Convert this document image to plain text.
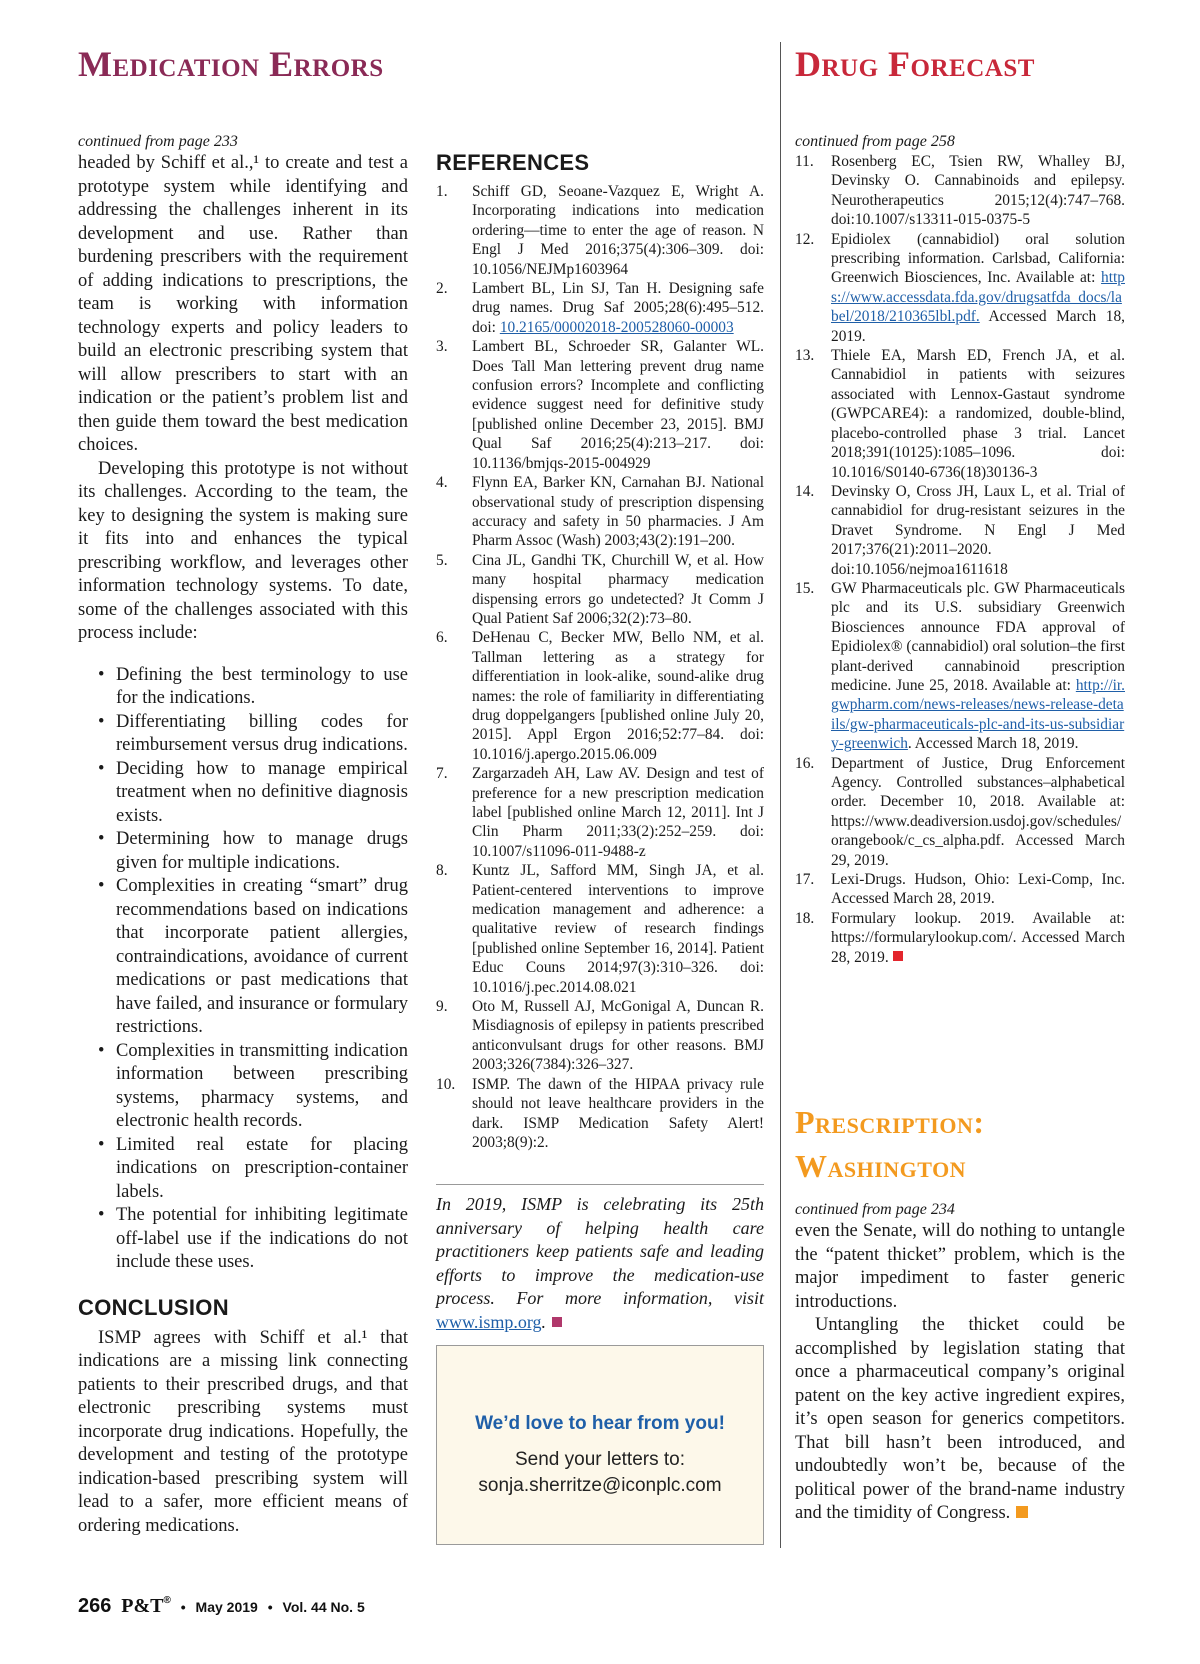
Medication Errors	Drug Forecast
continued from page 233

headed by Schiff et al.,¹ to create and test a prototype system while identifying and addressing the challenges inherent in its development and use. Rather than burdening prescribers with the requirement of adding indications to prescriptions, the team is working with information technology experts and policy leaders to build an electronic prescribing system that will allow prescribers to start with an indication or the patient’s problem list and then guide them toward the best medication choices.

Developing this prototype is not without its challenges. According to the team, the key to designing the system is making sure it fits into and enhances the typical prescribing workflow, and leverages other information technology systems. To date, some of the challenges associated with this process include:

• Defining the best terminology to use for the indications.
• Differentiating billing codes for reimbursement versus drug indications.
• Deciding how to manage empirical treatment when no definitive diagnosis exists.
• Determining how to manage drugs given for multiple indications.
• Complexities in creating “smart” drug recommendations based on indications that incorporate patient allergies, contraindications, avoidance of current medications or past medications that have failed, and insurance or formulary restrictions.
• Complexities in transmitting indication information between prescribing systems, pharmacy systems, and electronic health records.
• Limited real estate for placing indications on prescription-container labels.
• The potential for inhibiting legitimate off-label use if the indications do not include these uses.
CONCLUSION

ISMP agrees with Schiff et al.¹ that indications are a missing link connecting patients to their prescribed drugs, and that electronic prescribing systems must incorporate drug indications. Hopefully, the development and testing of the prototype indication-based prescribing system will lead to a safer, more efficient means of ordering medications.

REFERENCES
1. Schiff GD, Seoane-Vazquez E, Wright A. Incorporating indications into medication ordering—time to enter the age of reason. N Engl J Med 2016;375(4):306–309. doi: 10.1056/NEJMp1603964
2. Lambert BL, Lin SJ, Tan H. Designing safe drug names. Drug Saf 2005;28(6):495–512. doi: 10.2165/00002018-200528060-00003
3. Lambert BL, Schroeder SR, Galanter WL. Does Tall Man lettering prevent drug name confusion errors? Incomplete and conflicting evidence suggest need for definitive study [published online December 23, 2015]. BMJ Qual Saf 2016;25(4):213–217. doi: 10.1136/bmjqs-2015-004929
4. Flynn EA, Barker KN, Carnahan BJ. National observational study of prescription dispensing accuracy and safety in 50 pharmacies. J Am Pharm Assoc (Wash) 2003;43(2):191–200.
5. Cina JL, Gandhi TK, Churchill W, et al. How many hospital pharmacy medication dispensing errors go undetected? Jt Comm J Qual Patient Saf 2006;32(2):73–80.
6. DeHenau C, Becker MW, Bello NM, et al. Tallman lettering as a strategy for differentiation in look-alike, sound-alike drug names: the role of familiarity in differentiating drug doppelgangers [published online July 20, 2015]. Appl Ergon 2016;52:77–84. doi: 10.1016/j.apergo.2015.06.009
7. Zargarzadeh AH, Law AV. Design and test of preference for a new prescription medication label [published online March 12, 2011]. Int J Clin Pharm 2011;33(2):252–259. doi: 10.1007/s11096-011-9488-z
8. Kuntz JL, Safford MM, Singh JA, et al. Patient-centered interventions to improve medication management and adherence: a qualitative review of research findings [published online September 16, 2014]. Patient Educ Couns 2014;97(3):310–326. doi: 10.1016/j.pec.2014.08.021
9. Oto M, Russell AJ, McGonigal A, Duncan R. Misdiagnosis of epilepsy in patients prescribed anticonvulsant drugs for other reasons. BMJ 2003;326(7384):326–327.
10. ISMP. The dawn of the HIPAA privacy rule should not leave healthcare providers in the dark. ISMP Medication Safety Alert! 2003;8(9):2.
In 2019, ISMP is celebrating its 25th anniversary of helping health care practitioners keep patients safe and leading efforts to improve the medication-use process. For more information, visit www.ismp.org.
We’d love to hear from you!
Send your letters to:
sonja.sherritze@iconplc.com
continued from page 258
11. Rosenberg EC, Tsien RW, Whalley BJ, Devinsky O. Cannabinoids and epilepsy. Neurotherapeutics 2015;12(4):747–768. doi:10.1007/s13311-015-0375-5
12. Epidiolex (cannabidiol) oral solution prescribing information. Carlsbad, California: Greenwich Biosciences, Inc. Available at: https://www.accessdata.fda.gov/drugsatfda_docs/label/2018/210365lbl.pdf. Accessed March 18, 2019.
13. Thiele EA, Marsh ED, French JA, et al. Cannabidiol in patients with seizures associated with Lennox-Gastaut syndrome (GWPCARE4): a randomized, double-blind, placebo-controlled phase 3 trial. Lancet 2018;391(10125):1085–1096. doi: 10.1016/S0140-6736(18)30136-3
14. Devinsky O, Cross JH, Laux L, et al. Trial of cannabidiol for drug-resistant seizures in the Dravet Syndrome. N Engl J Med 2017;376(21):2011–2020. doi:10.1056/nejmoa1611618
15. GW Pharmaceuticals plc. GW Pharmaceuticals plc and its U.S. subsidiary Greenwich Biosciences announce FDA approval of Epidiolex® (cannabidiol) oral solution–the first plant-derived cannabinoid prescription medicine. June 25, 2018. Available at: http://ir.gwpharm.com/news-releases/news-release-details/gw-pharmaceuticals-plc-and-its-us-subsidiary-greenwich. Accessed March 18, 2019.
16. Department of Justice, Drug Enforcement Agency. Controlled substances–alphabetical order. December 10, 2018. Available at: https://www.deadiversion.usdoj.gov/schedules/orangebook/c_cs_alpha.pdf. Accessed March 29, 2019.
17. Lexi-Drugs. Hudson, Ohio: Lexi-Comp, Inc. Accessed March 28, 2019.
18. Formulary lookup. 2019. Available at: https://formularylookup.com/. Accessed March 28, 2019.
Prescription:
Washington
continued from page 234

even the Senate, will do nothing to untangle the “patent thicket” problem, which is the major impediment to faster generic introductions.

Untangling the thicket could be accomplished by legislation stating that once a pharmaceutical company’s original patent on the key active ingredient expires, it’s open season for generics competitors. That bill hasn’t been introduced, and undoubtedly won’t be, because of the political power of the brand-name industry and the timidity of Congress.

266 P&T® • May 2019 • Vol. 44 No. 5
